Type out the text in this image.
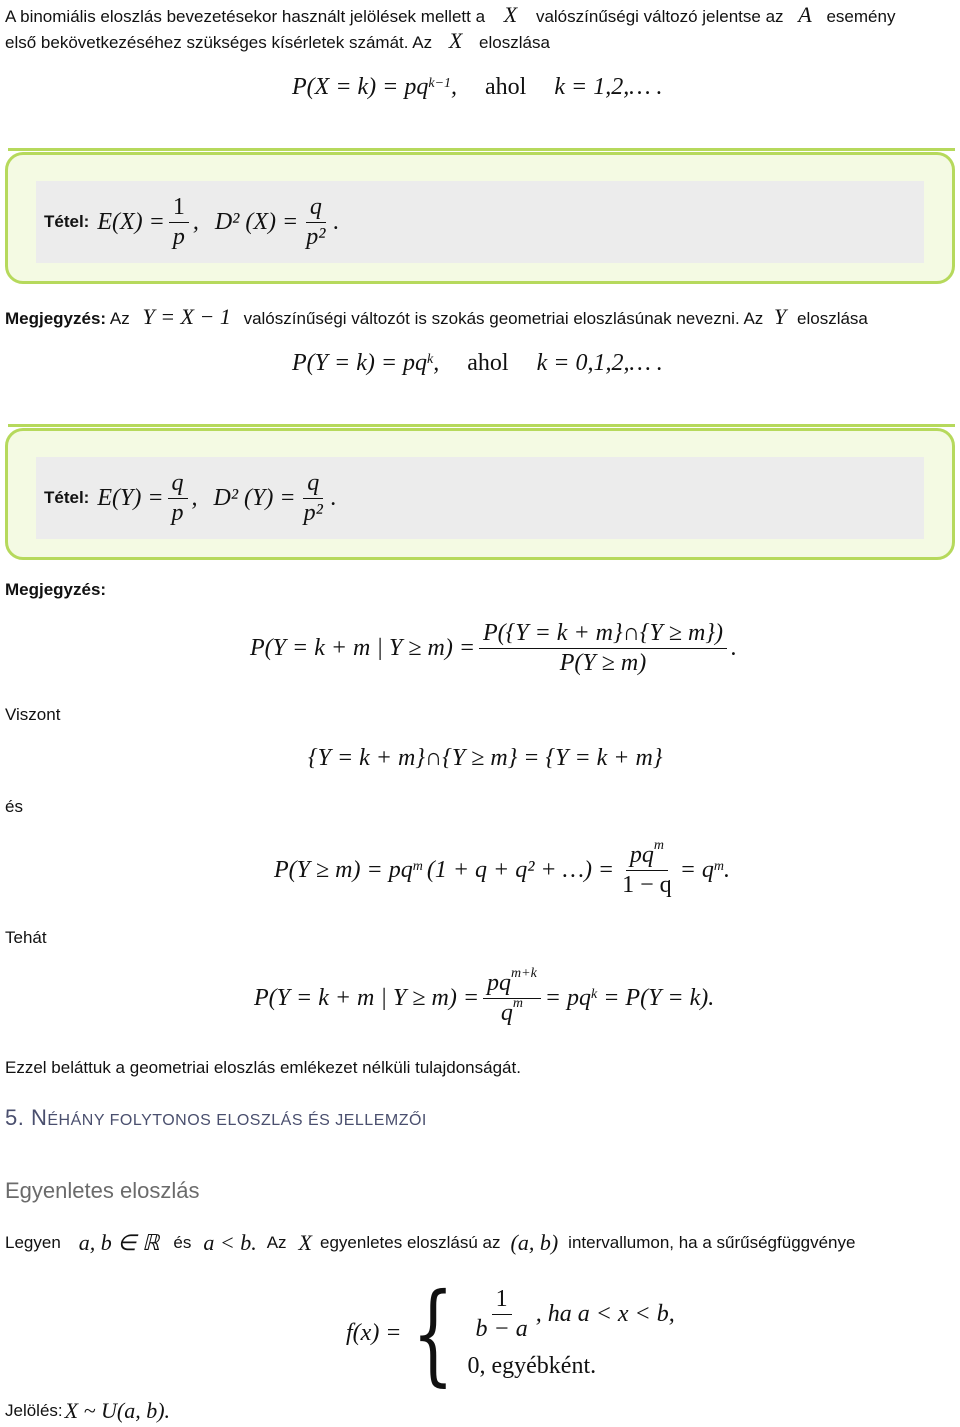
A binomiális eloszlás bevezetésekor használt jelölések mellett a X valószínűségi változó jelentse az A esemény
első bekövetkezéséhez szükséges kísérletek számát. Az X eloszlása
$P(X = k) = pq^{k-1}$ , ahol k = 1,2,… .
Tétel: $E(X) = \frac{1}{p}$ , D² $(X) = \frac{q}{\text{p²}}$ .
Megjegyzés: Az Y = X − 1 valószínűségi változót is szokás geometriai eloszlásúnak nevezni. Az Y eloszlása
$P(Y = k) = pq^k$ , ahol k = 0,1,2,… .
Tétel: $E(Y) = \frac{q}{p}$ , D² $(Y) = \frac{q}{\text{p²}}$ .
Megjegyzés:
P(Y = k + m | $Y \ge m) = \frac{P(\{Y = k + m\}\cap\{Y \ge m\})}{P(Y \ge m)}$ .
Viszont
{Y = k + m}∩{Y ≥ m} = {Y = k + m}
és
$P(Y \ge m) = pq^m$ (1 + q + q² + …) = $\frac{pq^m}{1 - q} = q^m$ .
Tehát
P(Y = k + m | $Y \ge m) = \frac{pq^{m+k}}{q^m} = pq^k = P(Y = k)$.
Ezzel beláttuk a geometriai eloszlás emlékezet nélküli tulajdonságát.
5. NÉHÁNY FOLYTONOS ELOSZLÁS ÉS JELLEMZŐI
Egyenletes eloszlás
Legyen a, b ∈ ℝ és a < b. Az X egyenletes eloszlású az (a, b) intervallumon, ha a sűrűségfüggvénye
f(x) = { $\frac{1}{b - a}$ , ha a < x < b,
0, egyébként.
Jelölés: X ~ U(a, b).
